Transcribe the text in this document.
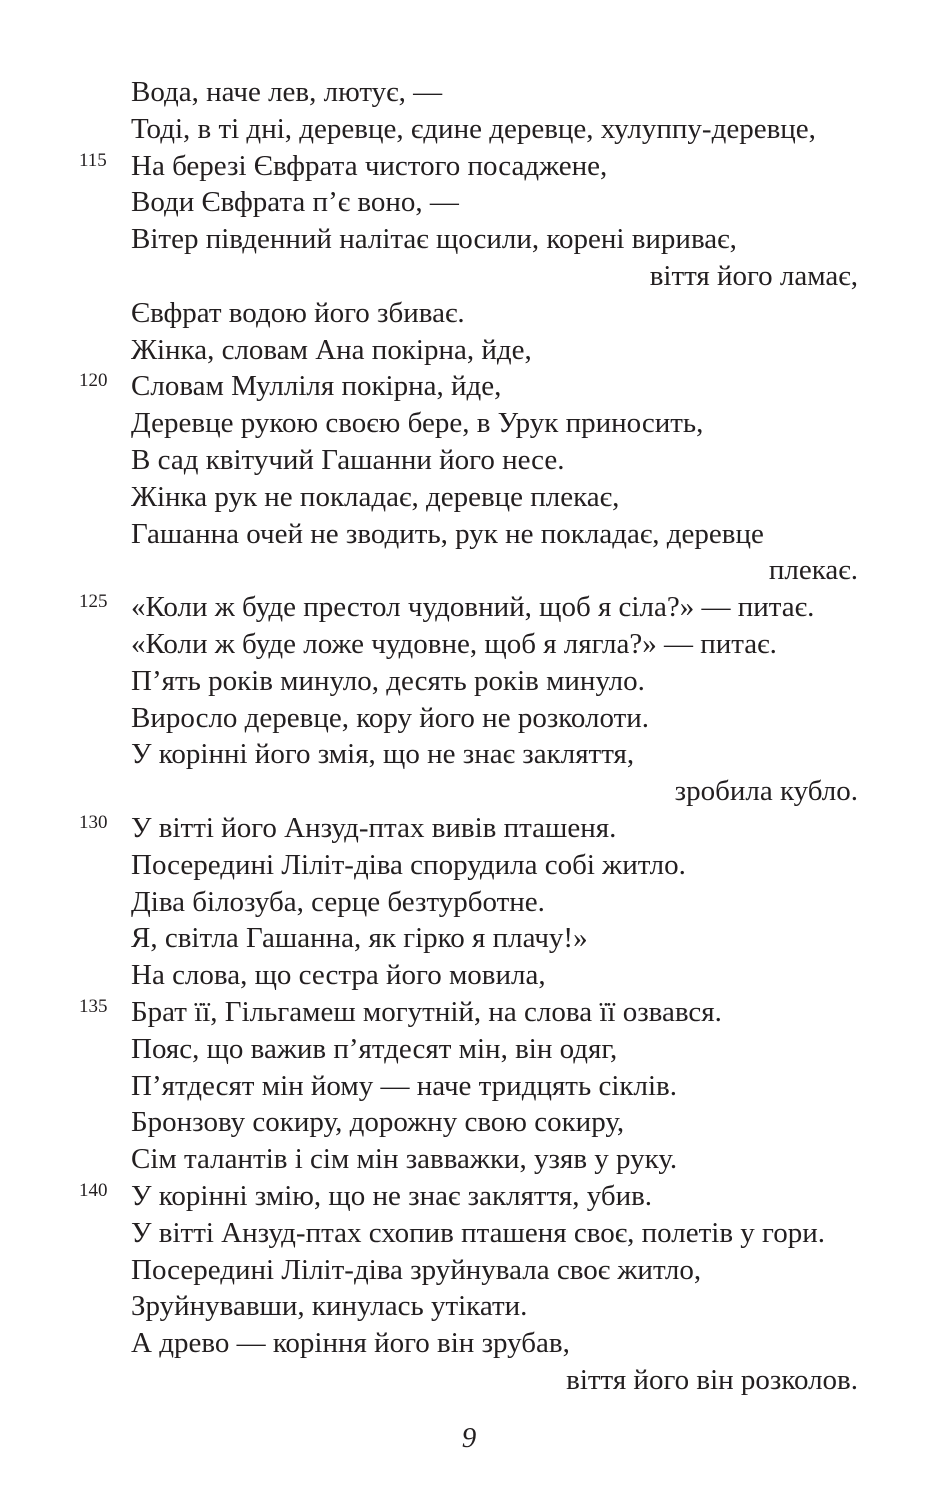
Вода, наче лев, лютує, —
Тоді, в ті дні, деревце, єдине деревце, хулуппу-деревце,
115 На березі Євфрата чистого посаджене,
Води Євфрата п’є воно, —
Вітер південний налітає щосили, корені вириває,
віття його ламає,
Євфрат водою його збиває.
Жінка, словам Ана покірна, йде,
120 Словам Мулліля покірна, йде,
Деревце рукою своєю бере, в Урук приносить,
В сад квітучий Гашанни його несе.
Жінка рук не покладає, деревце плекає,
Гашанна очей не зводить, рук не покладає, деревце
плекає.
125 «Коли ж буде престол чудовний, щоб я сіла?» — питає.
«Коли ж буде ложе чудовне, щоб я лягла?» — питає.
П’ять років минуло, десять років минуло.
Виросло деревце, кору його не розколоти.
У корінні його змія, що не знає закляття,
зробила кубло.
130 У вітті його Анзуд-птах вивів пташеня.
Посередині Ліліт-діва спорудила собі житло.
Діва білозуба, серце безтурботне.
Я, світла Гашанна, як гірко я плачу!»
На слова, що сестра його мовила,
135 Брат її, Гільгамеш могутній, на слова її озвався.
Пояс, що важив п’ятдесят мін, він одяг,
П’ятдесят мін йому — наче тридцять сіклів.
Бронзову сокиру, дорожну свою сокиру,
Сім талантів і сім мін завважки, узяв у руку.
140 У корінні змію, що не знає закляття, убив.
У вітті Анзуд-птах схопив пташеня своє, полетів у гори.
Посередині Ліліт-діва зруйнувала своє житло,
Зруйнувавши, кинулась утікати.
А древо — коріння його він зрубав,
віття його він розколов.
9
